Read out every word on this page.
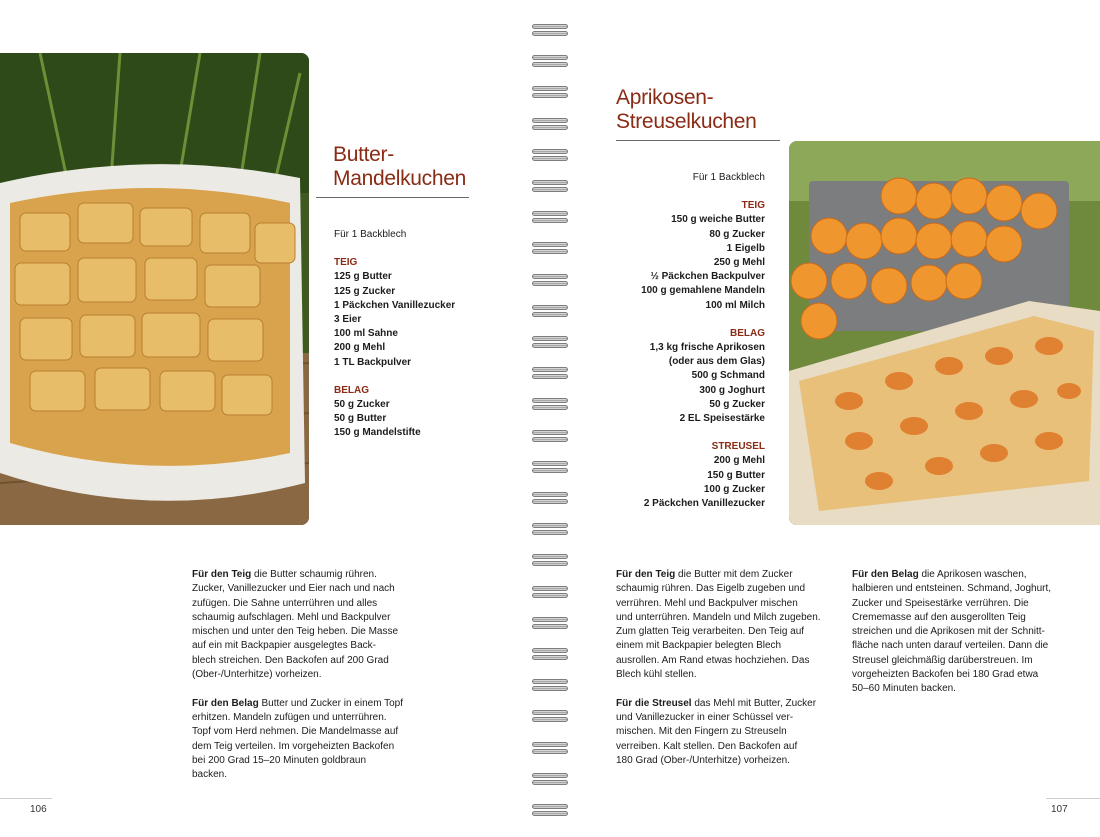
Butter-
Mandelkuchen
Für 1 Backblech
TEIG
125 g Butter
125 g Zucker
1 Päckchen Vanillezucker
3 Eier
100 ml Sahne
200 g Mehl
1 TL Backpulver
BELAG
50 g Zucker
50 g Butter
150 g Mandelstifte

Für den Teig die Butter schaumig rühren.
Zucker, Vanillezucker und Eier nach und nach
zufügen. Die Sahne unterrühren und alles
schaumig aufschlagen. Mehl und Backpulver
mischen und unter den Teig heben. Die Masse
auf ein mit Backpapier ausgelegtes Back-
blech streichen. Den Backofen auf 200 Grad
(Ober-/Unterhitze) vorheizen.

Für den Belag Butter und Zucker in einem Topf
erhitzen. Mandeln zufügen und unterrühren.
Topf vom Herd nehmen. Die Mandelmasse auf
dem Teig verteilen. Im vorgeheizten Backofen
bei 200 Grad 15–20 Minuten goldbraun
backen.

106
Aprikosen-
Streuselkuchen
Für 1 Backblech
TEIG
150 g weiche Butter
80 g Zucker
1 Eigelb
250 g Mehl
½ Päckchen Backpulver
100 g gemahlene Mandeln
100 ml Milch
BELAG
1,3 kg frische Aprikosen
(oder aus dem Glas)
500 g Schmand
300 g Joghurt
50 g Zucker
2 EL Speisestärke
STREUSEL
200 g Mehl
150 g Butter
100 g Zucker
2 Päckchen Vanillezucker

Für den Teig die Butter mit dem Zucker
schaumig rühren. Das Eigelb zugeben und
verrühren. Mehl und Backpulver mischen
und unterrühren. Mandeln und Milch zugeben.
Zum glatten Teig verarbeiten. Den Teig auf
einem mit Backpapier belegten Blech
ausrollen. Am Rand etwas hochziehen. Das
Blech kühl stellen.

Für die Streusel das Mehl mit Butter, Zucker
und Vanillezucker in einer Schüssel ver-
mischen. Mit den Fingern zu Streuseln
verreiben. Kalt stellen. Den Backofen auf
180 Grad (Ober-/Unterhitze) vorheizen.

Für den Belag die Aprikosen waschen,
halbieren und entsteinen. Schmand, Joghurt,
Zucker und Speisestärke verrühren. Die
Crememasse auf den ausgerollten Teig
streichen und die Aprikosen mit der Schnitt-
fläche nach unten darauf verteilen. Dann die
Streusel gleichmäßig darüberstreuen. Im
vorgeheizten Backofen bei 180 Grad etwa
50–60 Minuten backen.

107
